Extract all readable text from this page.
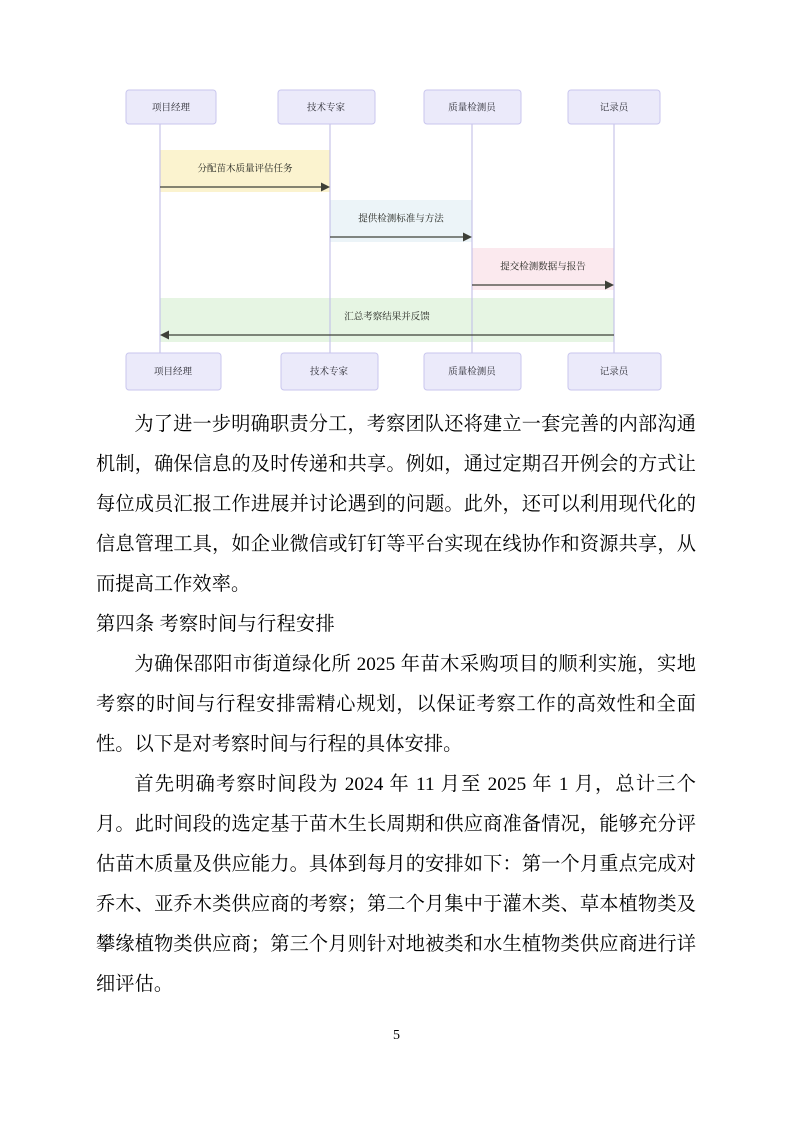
项目经理	技术专家	质量检测员	记录员
分配苗木质量评估任务
提供检测标准与方法
提交检测数据与报告
汇总考察结果并反馈
项目经理	技术专家	质量检测员	记录员

为了进一步明确职责分工，考察团队还将建立一套完善的内部沟通机制，确保信息的及时传递和共享。例如，通过定期召开例会的方式让每位成员汇报工作进展并讨论遇到的问题。此外，还可以利用现代化的信息管理工具，如企业微信或钉钉等平台实现在线协作和资源共享，从而提高工作效率。

第四条 考察时间与行程安排

为确保邵阳市街道绿化所 2025 年苗木采购项目的顺利实施，实地考察的时间与行程安排需精心规划，以保证考察工作的高效性和全面性。以下是对考察时间与行程的具体安排。

首先明确考察时间段为 2024 年 11 月至 2025 年 1 月，总计三个月。此时间段的选定基于苗木生长周期和供应商准备情况，能够充分评估苗木质量及供应能力。具体到每月的安排如下：第一个月重点完成对乔木、亚乔木类供应商的考察；第二个月集中于灌木类、草本植物类及攀缘植物类供应商；第三个月则针对地被类和水生植物类供应商进行详细评估。

5
